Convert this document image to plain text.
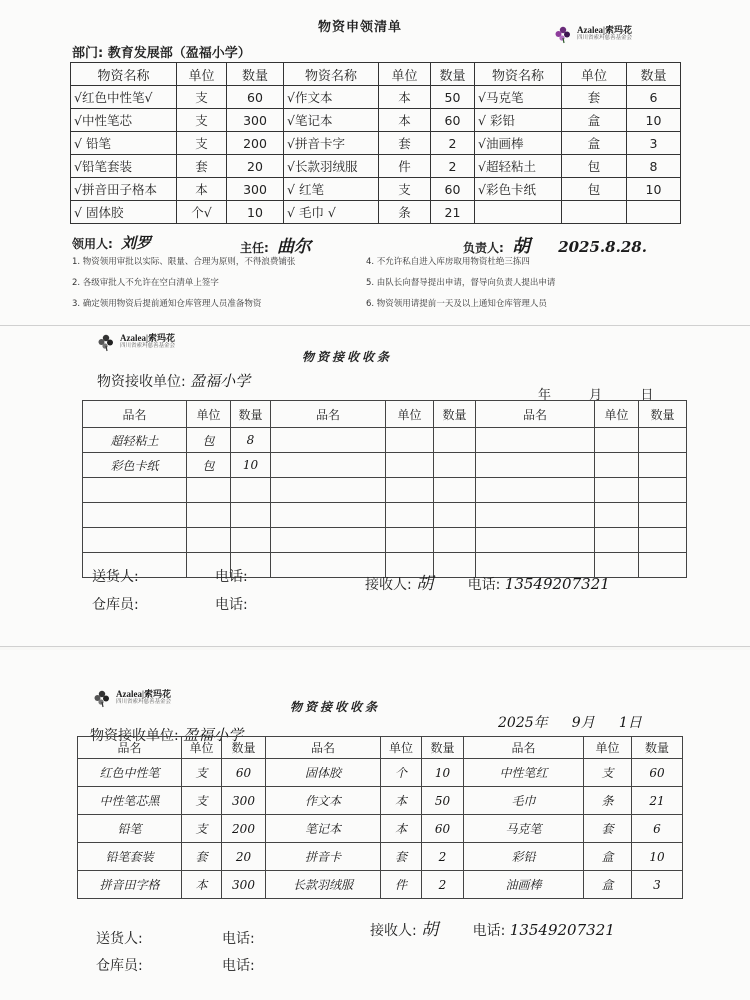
物资申领清单	Azalea|索玛花
四川省索玛慈善基金会
部门: 教育发展部（盈福小学）
物资名称	单位	数量	物资名称	单位	数量	物资名称	单位	数量
√红色中性笔√	支	60	√作文本	本	50	√马克笔	套	6
√中性笔芯	支	300	√笔记本	本	60	√ 彩铅	盒	10
√ 铅笔	支	200	√拼音卡字	套	2	√油画棒	盒	3
√铅笔套装	套	20	√长款羽绒服	件	2	√超轻粘土	包	8
√拼音田子格本	本	300	√ 红笔	支	60	√彩色卡纸	包	10
√ 固体胶	个√	10	√ 毛巾 √	条	21			
领用人: 刘罗	主任: 曲尔	负责人: 胡 2025.8.28.
1. 物资领用审批以实际、限量、合理为原则，不得浪费铺张
2. 各级审批人不允许在空白清单上签字
3. 确定领用物资后提前通知仓库管理人员准备物资
4. 不允许私自进入库房取用物资杜绝三拣四
5. 由队长向督导提出申请，督导向负责人提出申请
6. 物资领用请提前一天及以上通知仓库管理人员
Azalea|索玛花
四川省索玛慈善基金会
物资接收收条
物资接收单位: 盈福小学
年	月	日
品名	单位	数量	品名	单位	数量	品名	单位	数量
超轻粘土	包	8						
彩色卡纸	包	10						

送货人:	电话:	接收人: 胡 电话: 13549207321
仓库员:	电话:
Azalea|索玛花
四川省索玛慈善基金会	物资接收收条
物资接收单位: 盈福小学
2025年 9月 1日
品名	单位	数量	品名	单位	数量	品名	单位	数量
红色中性笔	支	60	固体胶	个	10	中性笔红	支	60
中性笔芯黑	支	300	作文本	本	50	毛巾	条	21
铅笔	支	200	笔记本	本	60	马克笔	套	6
铅笔套装	套	20	拼音卡	套	2	彩铅	盒	10
拼音田字格	本	300	长款羽绒服	件	2	油画棒	盒	3
送货人:	电话:	接收人: 胡 电话: 13549207321
仓库员:	电话:
